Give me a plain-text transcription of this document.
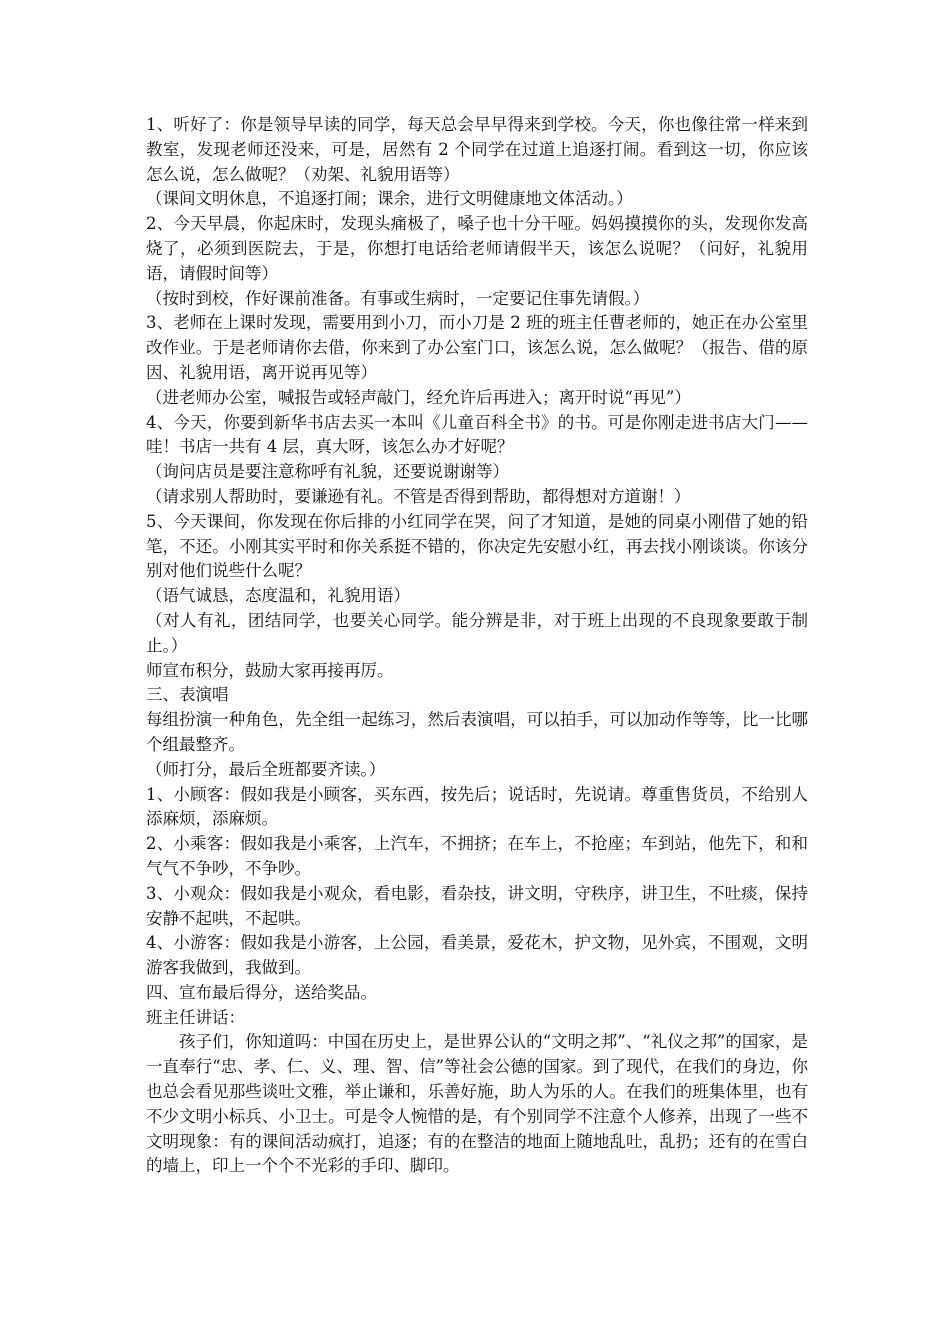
1、听好了：你是领导早读的同学，每天总会早早得来到学校。今天，你也像往常一样来到教室，发现老师还没来，可是，居然有 2 个同学在过道上追逐打闹。看到这一切，你应该怎么说，怎么做呢？（劝架、礼貌用语等）

（课间文明休息，不追逐打闹；课余，进行文明健康地文体活动。）

2、今天早晨，你起床时，发现头痛极了，嗓子也十分干哑。妈妈摸摸你的头，发现你发高烧了，必须到医院去，于是，你想打电话给老师请假半天，该怎么说呢？（问好，礼貌用语，请假时间等）

（按时到校，作好课前准备。有事或生病时，一定要记住事先请假。）

3、老师在上课时发现，需要用到小刀，而小刀是 2 班的班主任曹老师的，她正在办公室里改作业。于是老师请你去借，你来到了办公室门口，该怎么说，怎么做呢？（报告、借的原因、礼貌用语，离开说再见等）

（进老师办公室，喊报告或轻声敲门，经允许后再进入；离开时说“再见”）

4、今天，你要到新华书店去买一本叫《儿童百科全书》的书。可是你刚走进书店大门——哇！书店一共有 4 层，真大呀，该怎么办才好呢？

（询问店员是要注意称呼有礼貌，还要说谢谢等）

（请求别人帮助时，要谦逊有礼。不管是否得到帮助，都得想对方道谢！）

5、今天课间，你发现在你后排的小红同学在哭，问了才知道，是她的同桌小刚借了她的铅笔，不还。小刚其实平时和你关系挺不错的，你决定先安慰小红，再去找小刚谈谈。你该分别对他们说些什么呢？

（语气诚恳，态度温和，礼貌用语）

（对人有礼，团结同学，也要关心同学。能分辨是非，对于班上出现的不良现象要敢于制止。）

师宣布积分，鼓励大家再接再厉。

三、表演唱

每组扮演一种角色，先全组一起练习，然后表演唱，可以拍手，可以加动作等等，比一比哪个组最整齐。

（师打分，最后全班都要齐读。）

1、小顾客：假如我是小顾客，买东西，按先后；说话时，先说请。尊重售货员，不给别人添麻烦，添麻烦。

2、小乘客：假如我是小乘客，上汽车，不拥挤；在车上，不抢座；车到站，他先下，和和气气不争吵，不争吵。

3、小观众：假如我是小观众，看电影，看杂技，讲文明，守秩序，讲卫生，不吐痰，保持安静不起哄，不起哄。

4、小游客：假如我是小游客，上公园，看美景，爱花木，护文物，见外宾，不围观，文明游客我做到，我做到。

四、宣布最后得分，送给奖品。

班主任讲话：

孩子们，你知道吗：中国在历史上，是世界公认的“文明之邦”、“礼仪之邦”的国家，是一直奉行“忠、孝、仁、义、理、智、信”等社会公德的国家。到了现代，在我们的身边，你也总会看见那些谈吐文雅，举止谦和，乐善好施，助人为乐的人。在我们的班集体里，也有不少文明小标兵、小卫士。可是令人惋惜的是，有个别同学不注意个人修养，出现了一些不文明现象：有的课间活动疯打，追逐；有的在整洁的地面上随地乱吐，乱扔；还有的在雪白的墙上，印上一个个不光彩的手印、脚印。
